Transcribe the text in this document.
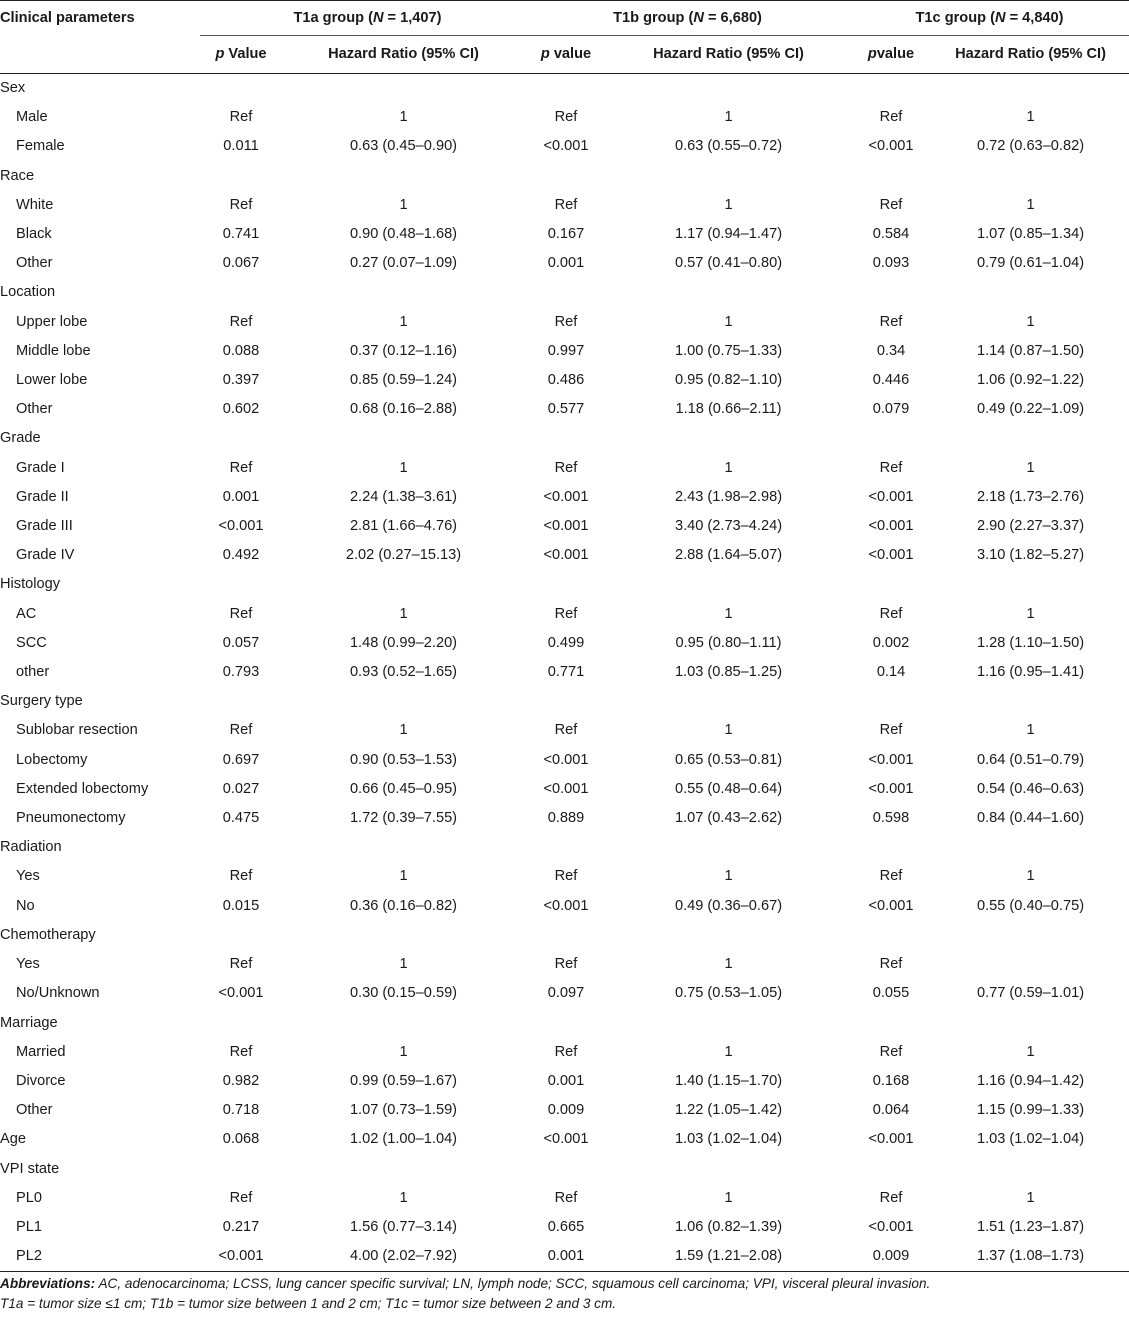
Clinical parameters	T1a group (N = 1,407)		T1b group (N = 6,680)		T1c group (N = 4,840)	
	p Value	Hazard Ratio (95% CI)	p value	Hazard Ratio (95% CI)	pvalue	Hazard Ratio (95% CI)
Sex						
Male	Ref	1	Ref	1	Ref	1
Female	0.011	0.63 (0.45–0.90)	<0.001	0.63 (0.55–0.72)	<0.001	0.72 (0.63–0.82)
Race						
White	Ref	1	Ref	1	Ref	1
Black	0.741	0.90 (0.48–1.68)	0.167	1.17 (0.94–1.47)	0.584	1.07 (0.85–1.34)
Other	0.067	0.27 (0.07–1.09)	0.001	0.57 (0.41–0.80)	0.093	0.79 (0.61–1.04)
Location						
Upper lobe	Ref	1	Ref	1	Ref	1
Middle lobe	0.088	0.37 (0.12–1.16)	0.997	1.00 (0.75–1.33)	0.34	1.14 (0.87–1.50)
Lower lobe	0.397	0.85 (0.59–1.24)	0.486	0.95 (0.82–1.10)	0.446	1.06 (0.92–1.22)
Other	0.602	0.68 (0.16–2.88)	0.577	1.18 (0.66–2.11)	0.079	0.49 (0.22–1.09)
Grade						
Grade I	Ref	1	Ref	1	Ref	1
Grade II	0.001	2.24 (1.38–3.61)	<0.001	2.43 (1.98–2.98)	<0.001	2.18 (1.73–2.76)
Grade III	<0.001	2.81 (1.66–4.76)	<0.001	3.40 (2.73–4.24)	<0.001	2.90 (2.27–3.37)
Grade IV	0.492	2.02 (0.27–15.13)	<0.001	2.88 (1.64–5.07)	<0.001	3.10 (1.82–5.27)
Histology						
AC	Ref	1	Ref	1	Ref	1
SCC	0.057	1.48 (0.99–2.20)	0.499	0.95 (0.80–1.11)	0.002	1.28 (1.10–1.50)
other	0.793	0.93 (0.52–1.65)	0.771	1.03 (0.85–1.25)	0.14	1.16 (0.95–1.41)
Surgery type						
Sublobar resection	Ref	1	Ref	1	Ref	1
Lobectomy	0.697	0.90 (0.53–1.53)	<0.001	0.65 (0.53–0.81)	<0.001	0.64 (0.51–0.79)
Extended lobectomy	0.027	0.66 (0.45–0.95)	<0.001	0.55 (0.48–0.64)	<0.001	0.54 (0.46–0.63)
Pneumonectomy	0.475	1.72 (0.39–7.55)	0.889	1.07 (0.43–2.62)	0.598	0.84 (0.44–1.60)
Radiation						
Yes	Ref	1	Ref	1	Ref	1
No	0.015	0.36 (0.16–0.82)	<0.001	0.49 (0.36–0.67)	<0.001	0.55 (0.40–0.75)
Chemotherapy						
Yes	Ref	1	Ref	1	Ref	
No/Unknown	<0.001	0.30 (0.15–0.59)	0.097	0.75 (0.53–1.05)	0.055	0.77 (0.59–1.01)
Marriage						
Married	Ref	1	Ref	1	Ref	1
Divorce	0.982	0.99 (0.59–1.67)	0.001	1.40 (1.15–1.70)	0.168	1.16 (0.94–1.42)
Other	0.718	1.07 (0.73–1.59)	0.009	1.22 (1.05–1.42)	0.064	1.15 (0.99–1.33)
Age	0.068	1.02 (1.00–1.04)	<0.001	1.03 (1.02–1.04)	<0.001	1.03 (1.02–1.04)
VPI state						
PL0	Ref	1	Ref	1	Ref	1
PL1	0.217	1.56 (0.77–3.14)	0.665	1.06 (0.82–1.39)	<0.001	1.51 (1.23–1.87)
PL2	<0.001	4.00 (2.02–7.92)	0.001	1.59 (1.21–2.08)	0.009	1.37 (1.08–1.73)
Abbreviations: AC, adenocarcinoma; LCSS, lung cancer specific survival; LN, lymph node; SCC, squamous cell carcinoma; VPI, visceral pleural invasion.
T1a = tumor size ≤1 cm; T1b = tumor size between 1 and 2 cm; T1c = tumor size between 2 and 3 cm.
